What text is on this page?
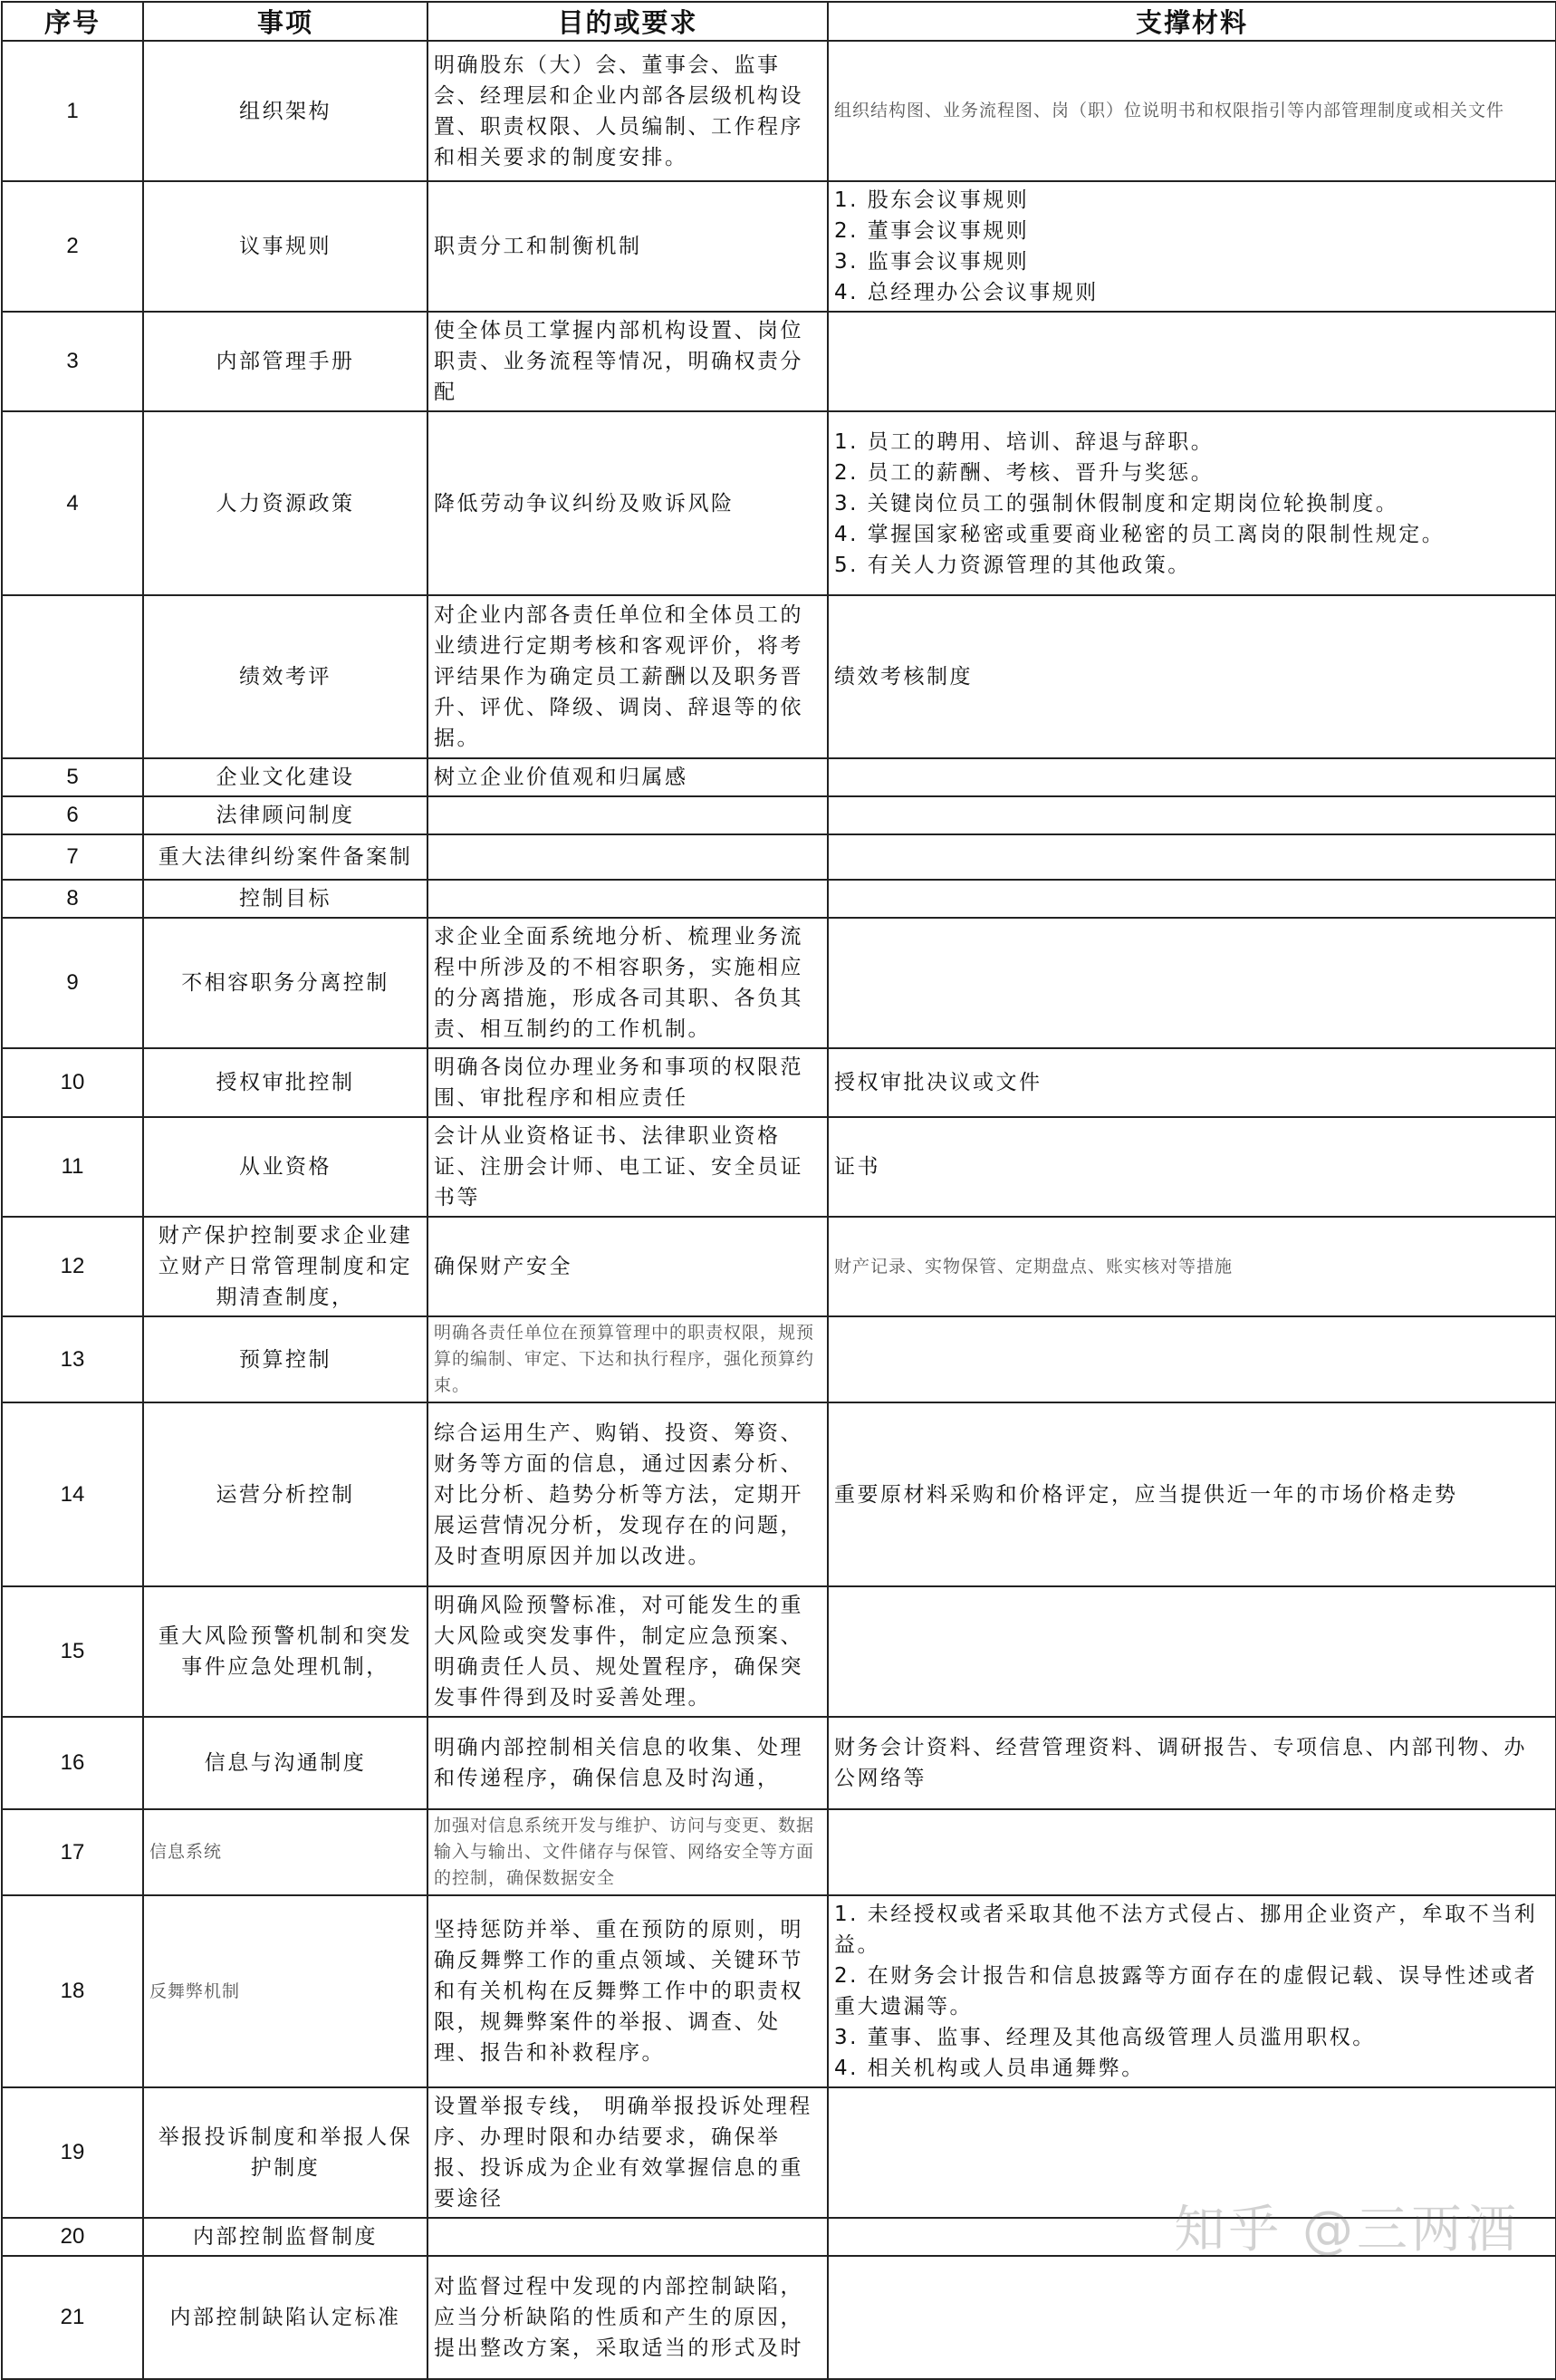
序号	事项	目的或要求	支撑材料
1	组织架构	明确股东（大）会、董事会、监事会、经理层和企业内部各层级机构设置、职责权限、人员编制、工作程序和相关要求的制度安排。	组织结构图、业务流程图、岗（职）位说明书和权限指引等内部管理制度或相关文件

2	议事规则	职责分工和制衡机制	1. 股东会议事规则
2. 董事会议事规则
3. 监事会议事规则
4. 总经理办公会议事规则

3	内部管理手册	使全体员工掌握内部机构设置、岗位职责、业务流程等情况，明确权责分配	
4	人力资源政策	降低劳动争议纠纷及败诉风险	1. 员工的聘用、培训、辞退与辞职。
2. 员工的薪酬、考核、晋升与奖惩。
3. 关键岗位员工的强制休假制度和定期岗位轮换制度。
4. 掌握国家秘密或重要商业秘密的员工离岗的限制性规定。
5. 有关人力资源管理的其他政策。

	绩效考评	对企业内部各责任单位和全体员工的业绩进行定期考核和客观评价，将考评结果作为确定员工薪酬以及职务晋升、评优、降级、调岗、辞退等的依据。	绩效考核制度

5	企业文化建设	树立企业价值观和归属感	
6	法律顾问制度		
7	重大法律纠纷案件备案制		
8	控制目标		
9	不相容职务分离控制	求企业全面系统地分析、梳理业务流程中所涉及的不相容职务，实施相应的分离措施，形成各司其职、各负其责、相互制约的工作机制。	
10	授权审批控制	明确各岗位办理业务和事项的权限范围、审批程序和相应责任	授权审批决议或文件

11	从业资格	会计从业资格证书、法律职业资格证、注册会计师、电工证、安全员证书等	证书

12	财产保护控制要求企业建立财产日常管理制度和定期清查制度，	确保财产安全	财产记录、实物保管、定期盘点、账实核对等措施

13	预算控制	明确各责任单位在预算管理中的职责权限，规预算的编制、审定、下达和执行程序，强化预算约束。	
14	运营分析控制	综合运用生产、购销、投资、筹资、财务等方面的信息，通过因素分析、对比分析、趋势分析等方法，定期开展运营情况分析，发现存在的问题，及时查明原因并加以改进。	重要原材料采购和价格评定，应当提供近一年的市场价格走势

15	重大风险预警机制和突发事件应急处理机制，	明确风险预警标准，对可能发生的重大风险或突发事件，制定应急预案、明确责任人员、规处置程序，确保突发事件得到及时妥善处理。	
16	信息与沟通制度	明确内部控制相关信息的收集、处理和传递程序，确保信息及时沟通，	财务会计资料、经营管理资料、调研报告、专项信息、内部刊物、办公网络等

17	信息系统	加强对信息系统开发与维护、访问与变更、数据输入与输出、文件储存与保管、网络安全等方面的控制，确保数据安全	
18	反舞弊机制	坚持惩防并举、重在预防的原则，明确反舞弊工作的重点领域、关键环节和有关机构在反舞弊工作中的职责权限，规舞弊案件的举报、调查、处理、报告和补救程序。	1. 未经授权或者采取其他不法方式侵占、挪用企业资产，牟取不当利益。
2. 在财务会计报告和信息披露等方面存在的虚假记载、误导性述或者重大遗漏等。
3. 董事、监事、经理及其他高级管理人员滥用职权。
4. 相关机构或人员串通舞弊。

19	举报投诉制度和举报人保护制度	设置举报专线， 明确举报投诉处理程序、办理时限和办结要求，确保举报、投诉成为企业有效掌握信息的重要途径	
20	内部控制监督制度		
21	内部控制缺陷认定标准	对监督过程中发现的内部控制缺陷，应当分析缺陷的性质和产生的原因，提出整改方案，采取适当的形式及时	
知乎 @三两酒
